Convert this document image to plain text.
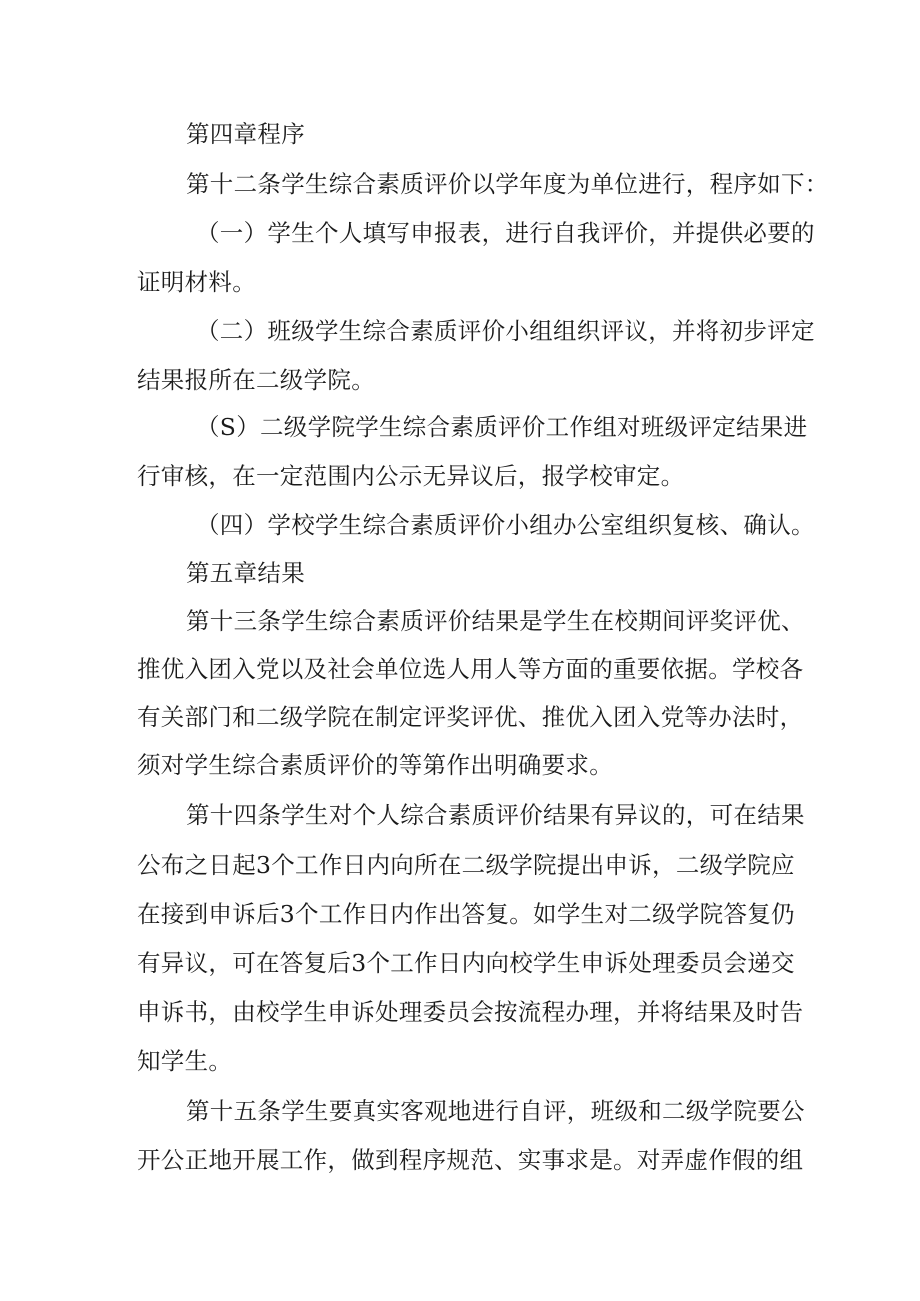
第四章程序

第十二条学生综合素质评价以学年度为单位进行，程序如下：

（一）学生个人填写申报表，进行自我评价，并提供必要的

证明材料。

（二）班级学生综合素质评价小组组织评议，并将初步评定

结果报所在二级学院。

（S）二级学院学生综合素质评价工作组对班级评定结果进

行审核，在一定范围内公示无异议后，报学校审定。

（四）学校学生综合素质评价小组办公室组织复核、确认。

第五章结果

第十三条学生综合素质评价结果是学生在校期间评奖评优、

推优入团入党以及社会单位选人用人等方面的重要依据。学校各

有关部门和二级学院在制定评奖评优、推优入团入党等办法时，

须对学生综合素质评价的等第作出明确要求。

第十四条学生对个人综合素质评价结果有异议的，可在结果

公布之日起3个工作日内向所在二级学院提出申诉，二级学院应

在接到申诉后3个工作日内作出答复。如学生对二级学院答复仍

有异议，可在答复后3个工作日内向校学生申诉处理委员会递交

申诉书，由校学生申诉处理委员会按流程办理，并将结果及时告

知学生。

第十五条学生要真实客观地进行自评，班级和二级学院要公

开公正地开展工作，做到程序规范、实事求是。对弄虚作假的组
